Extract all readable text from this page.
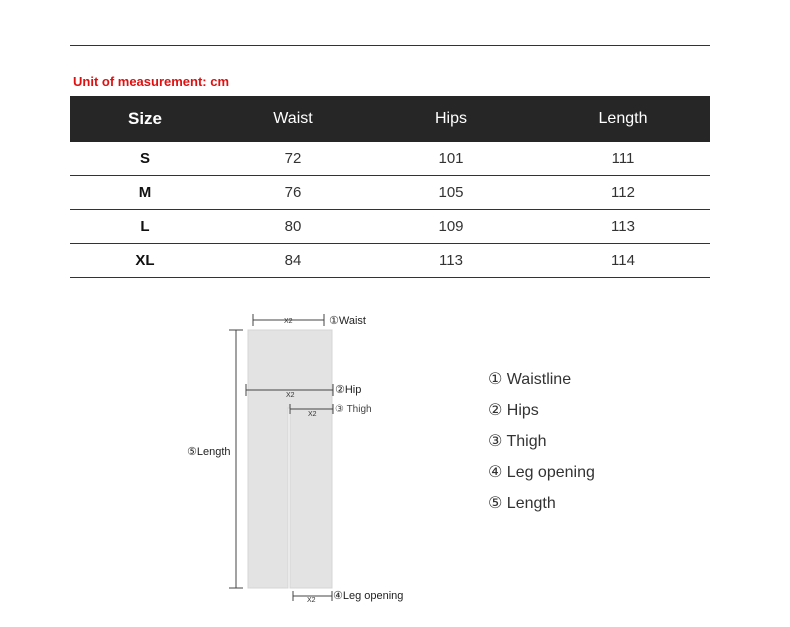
Unit of measurement: cm
Size	Waist	Hips	Length
S	72	101	111
M	76	105	112
L	80	109	113
XL	84	113	114
X2
X2
X2
X2
①Waist
②Hip
③ Thigh
⑤Length
④Leg opening
① Waistline
② Hips
③ Thigh
④ Leg opening
⑤ Length
